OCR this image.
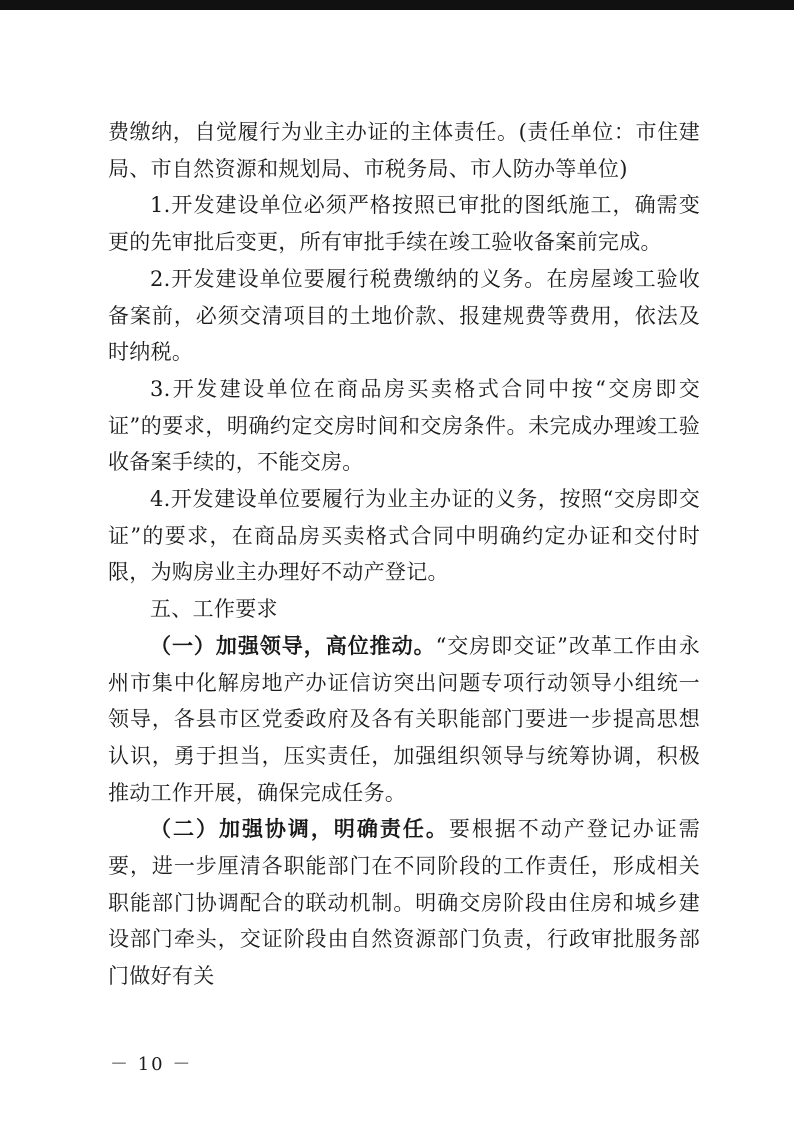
费缴纳，自觉履行为业主办证的主体责任。(责任单位：市住建局、市自然资源和规划局、市税务局、市人防办等单位)

1.开发建设单位必须严格按照已审批的图纸施工，确需变更的先审批后变更，所有审批手续在竣工验收备案前完成。

2.开发建设单位要履行税费缴纳的义务。在房屋竣工验收备案前，必须交清项目的土地价款、报建规费等费用，依法及时纳税。

3.开发建设单位在商品房买卖格式合同中按“交房即交证”的要求，明确约定交房时间和交房条件。未完成办理竣工验收备案手续的，不能交房。

4.开发建设单位要履行为业主办证的义务，按照“交房即交证”的要求，在商品房买卖格式合同中明确约定办证和交付时限，为购房业主办理好不动产登记。

五、工作要求

（一）加强领导，高位推动。“交房即交证”改革工作由永州市集中化解房地产办证信访突出问题专项行动领导小组统一领导，各县市区党委政府及各有关职能部门要进一步提高思想认识，勇于担当，压实责任，加强组织领导与统筹协调，积极推动工作开展，确保完成任务。

（二）加强协调，明确责任。要根据不动产登记办证需要，进一步厘清各职能部门在不同阶段的工作责任，形成相关职能部门协调配合的联动机制。明确交房阶段由住房和城乡建设部门牵头，交证阶段由自然资源部门负责，行政审批服务部门做好有关

－ 10 －
